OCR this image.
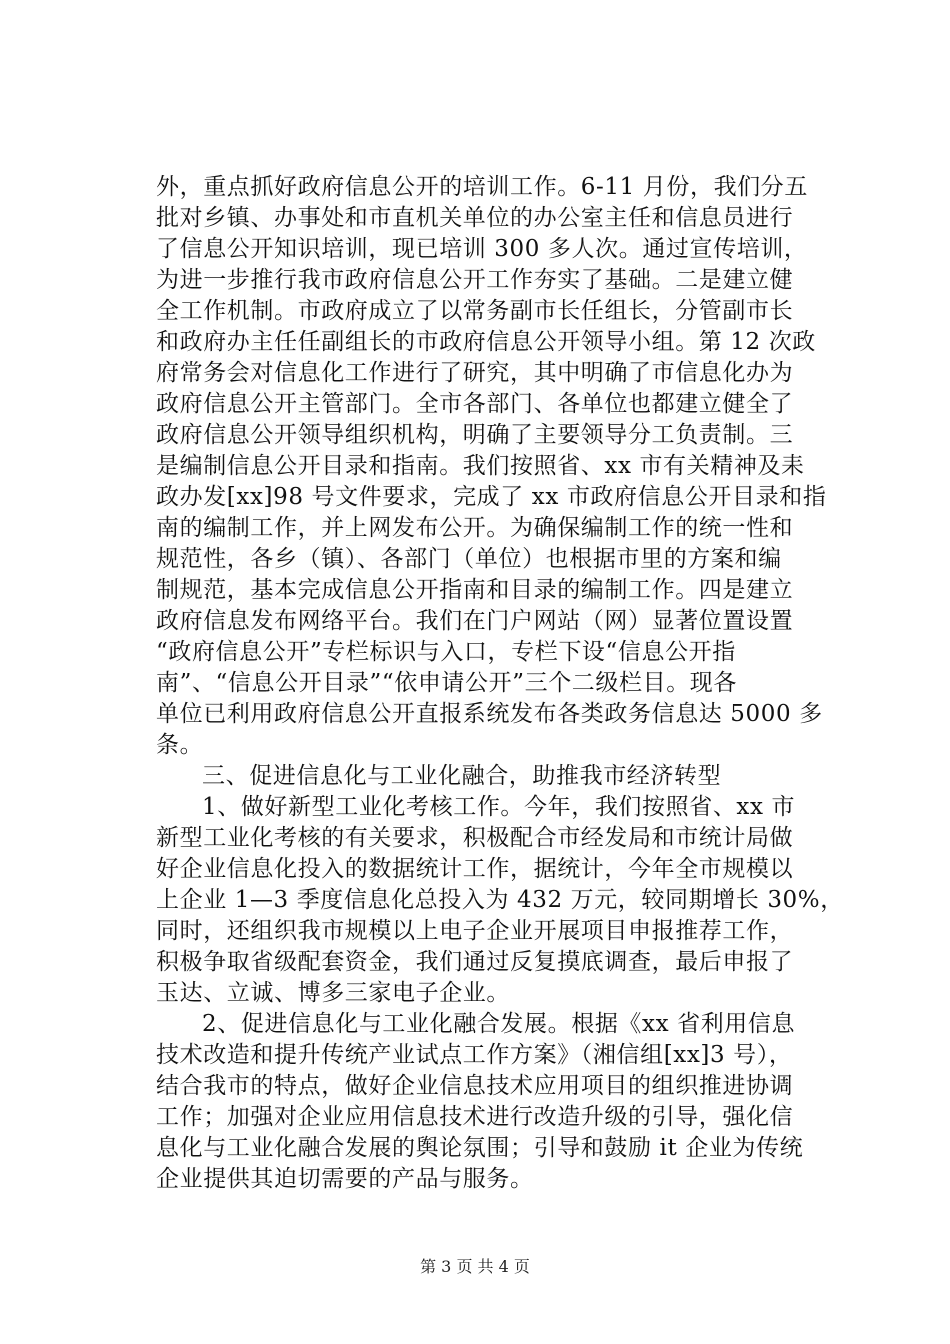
外，重点抓好政府信息公开的培训工作。6-11 月份，我们分五
批对乡镇、办事处和市直机关单位的办公室主任和信息员进行
了信息公开知识培训，现已培训 300 多人次。通过宣传培训，
为进一步推行我市政府信息公开工作夯实了基础。二是建立健
全工作机制。市政府成立了以常务副市长任组长，分管副市长
和政府办主任任副组长的市政府信息公开领导小组。第 12 次政
府常务会对信息化工作进行了研究，其中明确了市信息化办为
政府信息公开主管部门。全市各部门、各单位也都建立健全了
政府信息公开领导组织机构，明确了主要领导分工负责制。三
是编制信息公开目录和指南。我们按照省、xx 市有关精神及耒
政办发[xx]98 号文件要求，完成了 xx 市政府信息公开目录和指
南的编制工作，并上网发布公开。为确保编制工作的统一性和
规范性，各乡（镇）、各部门（单位）也根据市里的方案和编
制规范，基本完成信息公开指南和目录的编制工作。四是建立
政府信息发布网络平台。我们在门户网站（网）显著位置设置
“政府信息公开”专栏标识与入口，专栏下设“信息公开指
南”、“信息公开目录”“依申请公开”三个二级栏目。现各
单位已利用政府信息公开直报系统发布各类政务信息达 5000 多
条。
三、促进信息化与工业化融合，助推我市经济转型
1、做好新型工业化考核工作。今年，我们按照省、xx 市
新型工业化考核的有关要求，积极配合市经发局和市统计局做
好企业信息化投入的数据统计工作，据统计，今年全市规模以
上企业 1—3 季度信息化总投入为 432 万元，较同期增长 30%，
同时，还组织我市规模以上电子企业开展项目申报推荐工作，
积极争取省级配套资金，我们通过反复摸底调查，最后申报了
玉达、立诚、博多三家电子企业。
2、促进信息化与工业化融合发展。根据《xx 省利用信息
技术改造和提升传统产业试点工作方案》（湘信组[xx]3 号），
结合我市的特点，做好企业信息技术应用项目的组织推进协调
工作；加强对企业应用信息技术进行改造升级的引导，强化信
息化与工业化融合发展的舆论氛围；引导和鼓励 it 企业为传统
企业提供其迫切需要的产品与服务。
第 3 页 共 4 页
